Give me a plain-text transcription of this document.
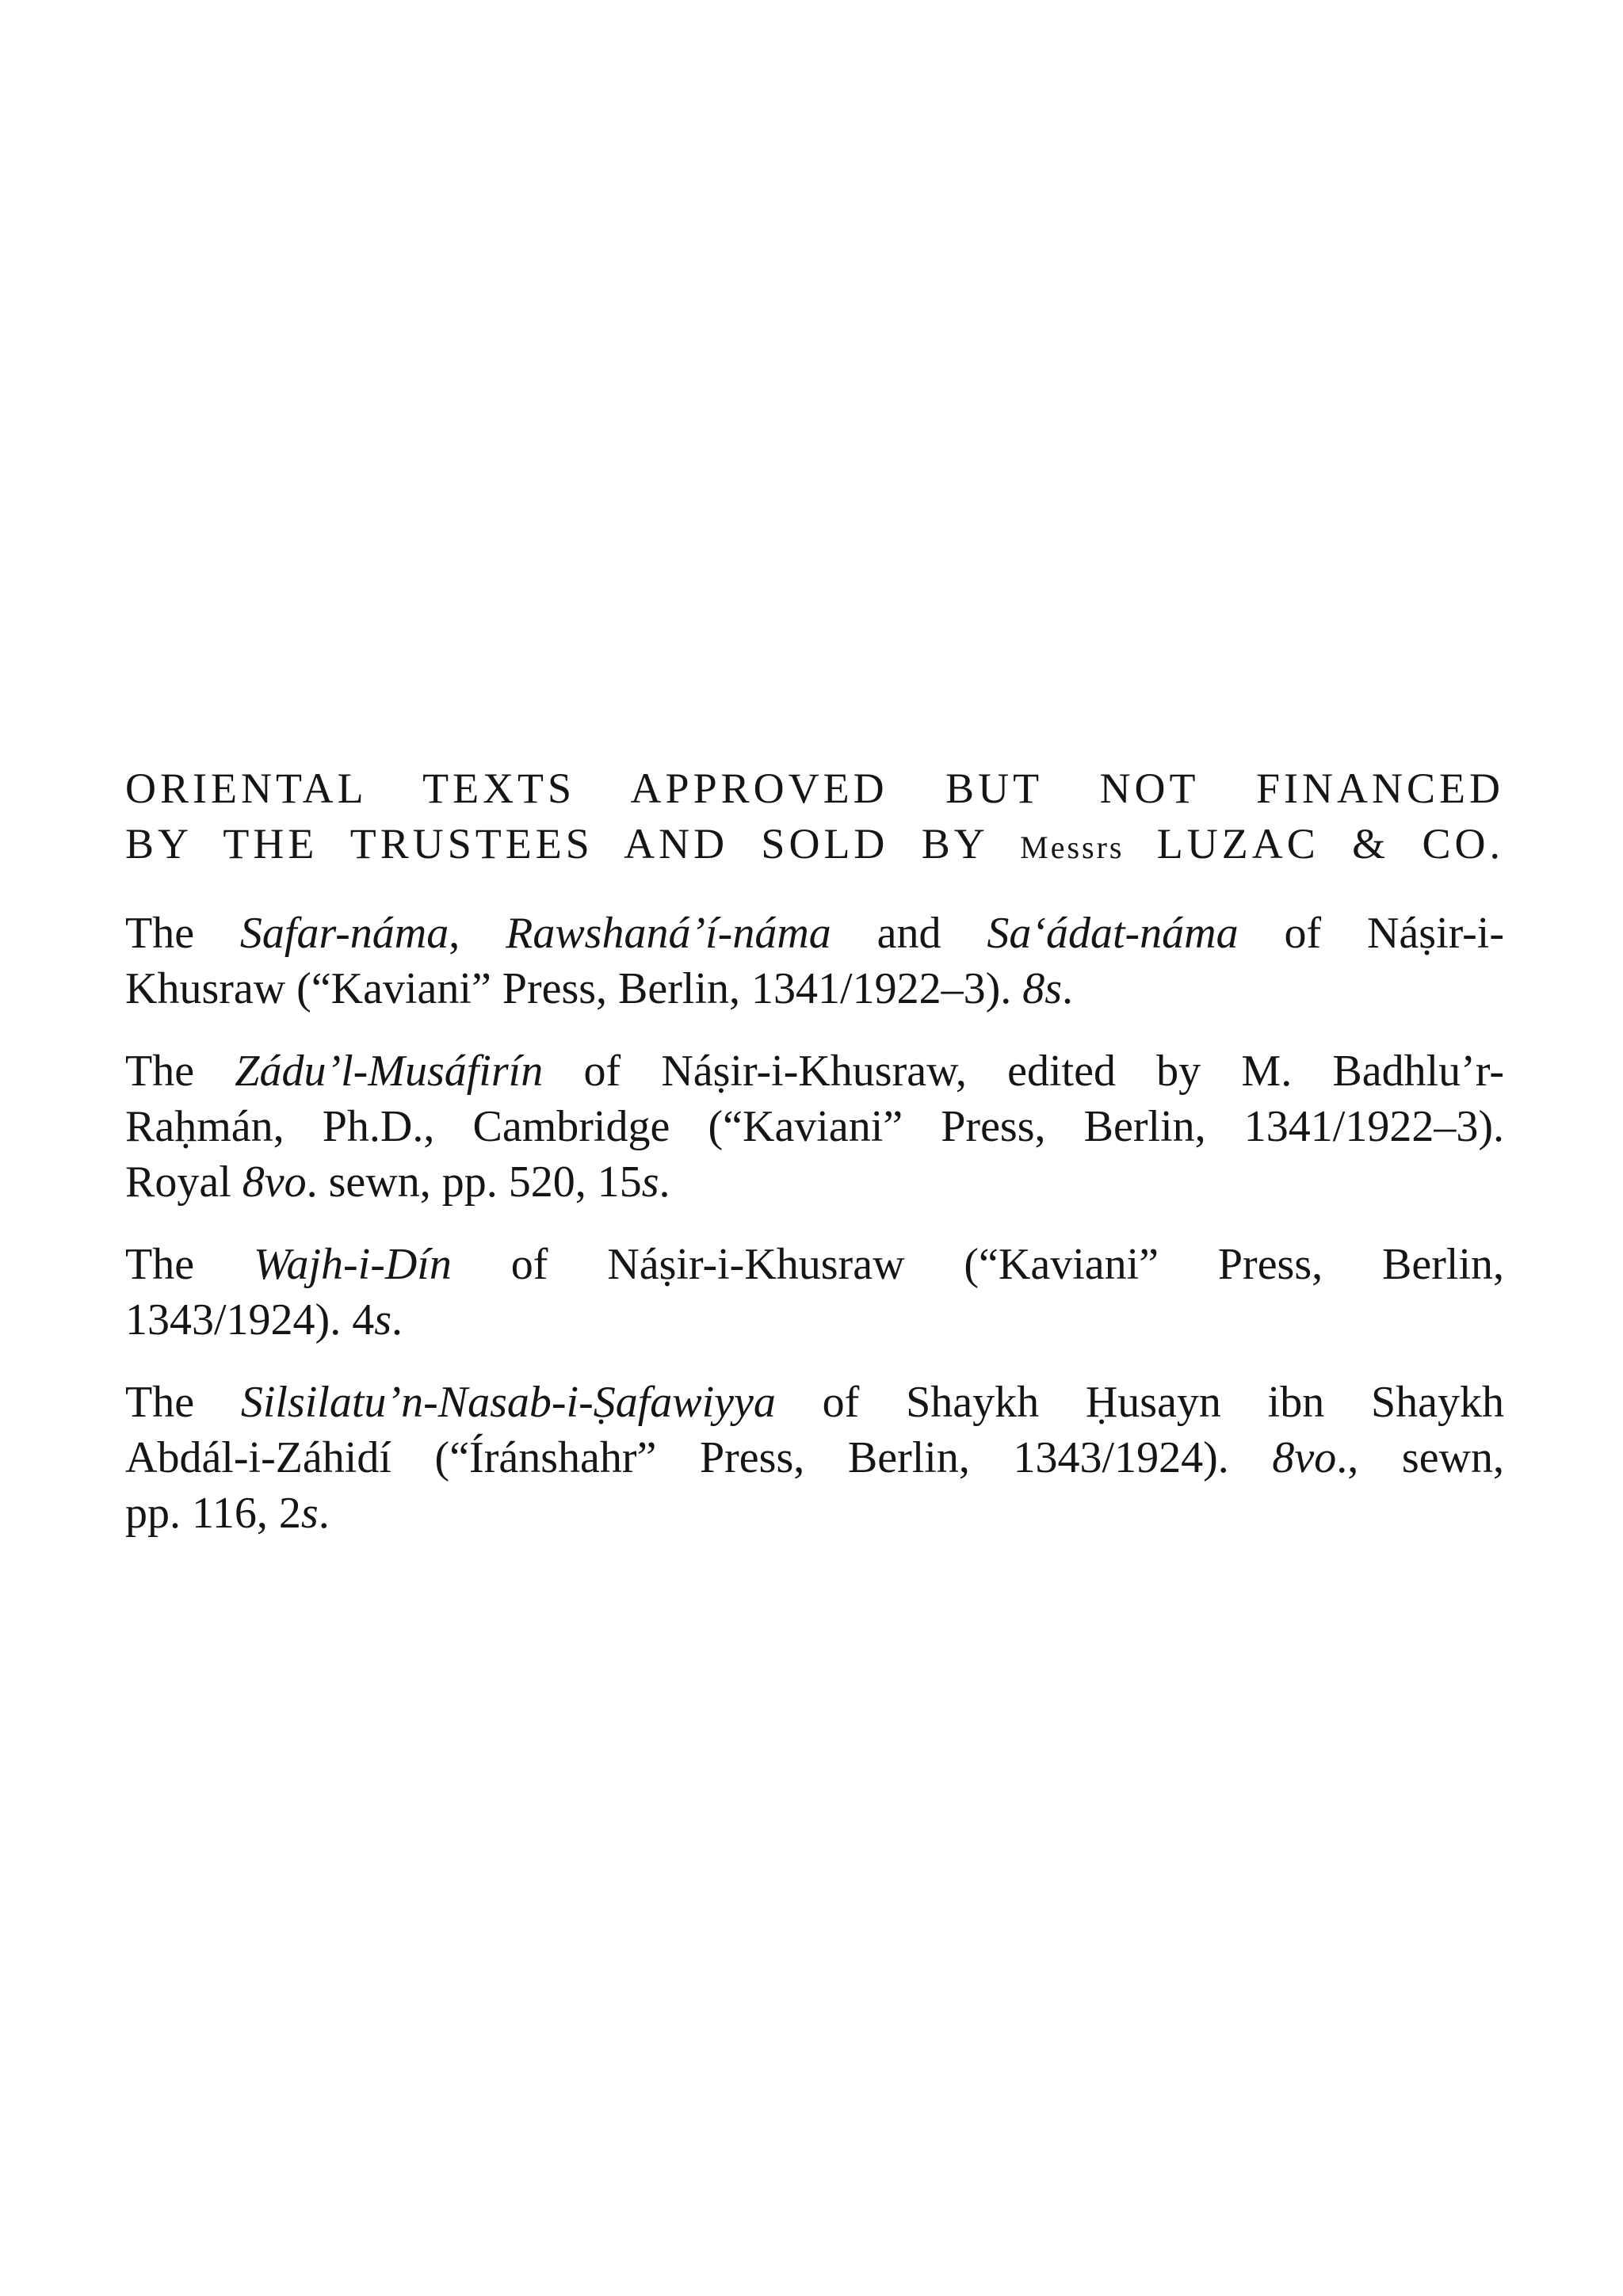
ORIENTAL TEXTS APPROVED BUT NOT FINANCED
BY THE TRUSTEES AND SOLD BY Messrs LUZAC & CO.

The Safar-náma, Rawshaná’í-náma and Sa‘ádat-náma of Náṣir-i-
Khusraw (“Kaviani” Press, Berlin, 1341/1922–3). 8s.

The Zádu’l-Musáfirín of Náṣir-i-Khusraw, edited by M. Badhlu’r-
Raḥmán, Ph.D., Cambridge (“Kaviani” Press, Berlin, 1341/1922–3).
Royal 8vo. sewn, pp. 520, 15s.

The Wajh-i-Dín of Náṣir-i-Khusraw (“Kaviani” Press, Berlin,
1343/1924). 4s.

The Silsilatu’n-Nasab-i-Ṣafawiyya of Shaykh Ḥusayn ibn Shaykh
Abdál-i-Záhidí (“Íránshahr” Press, Berlin, 1343/1924). 8vo., sewn,
pp. 116, 2s.
